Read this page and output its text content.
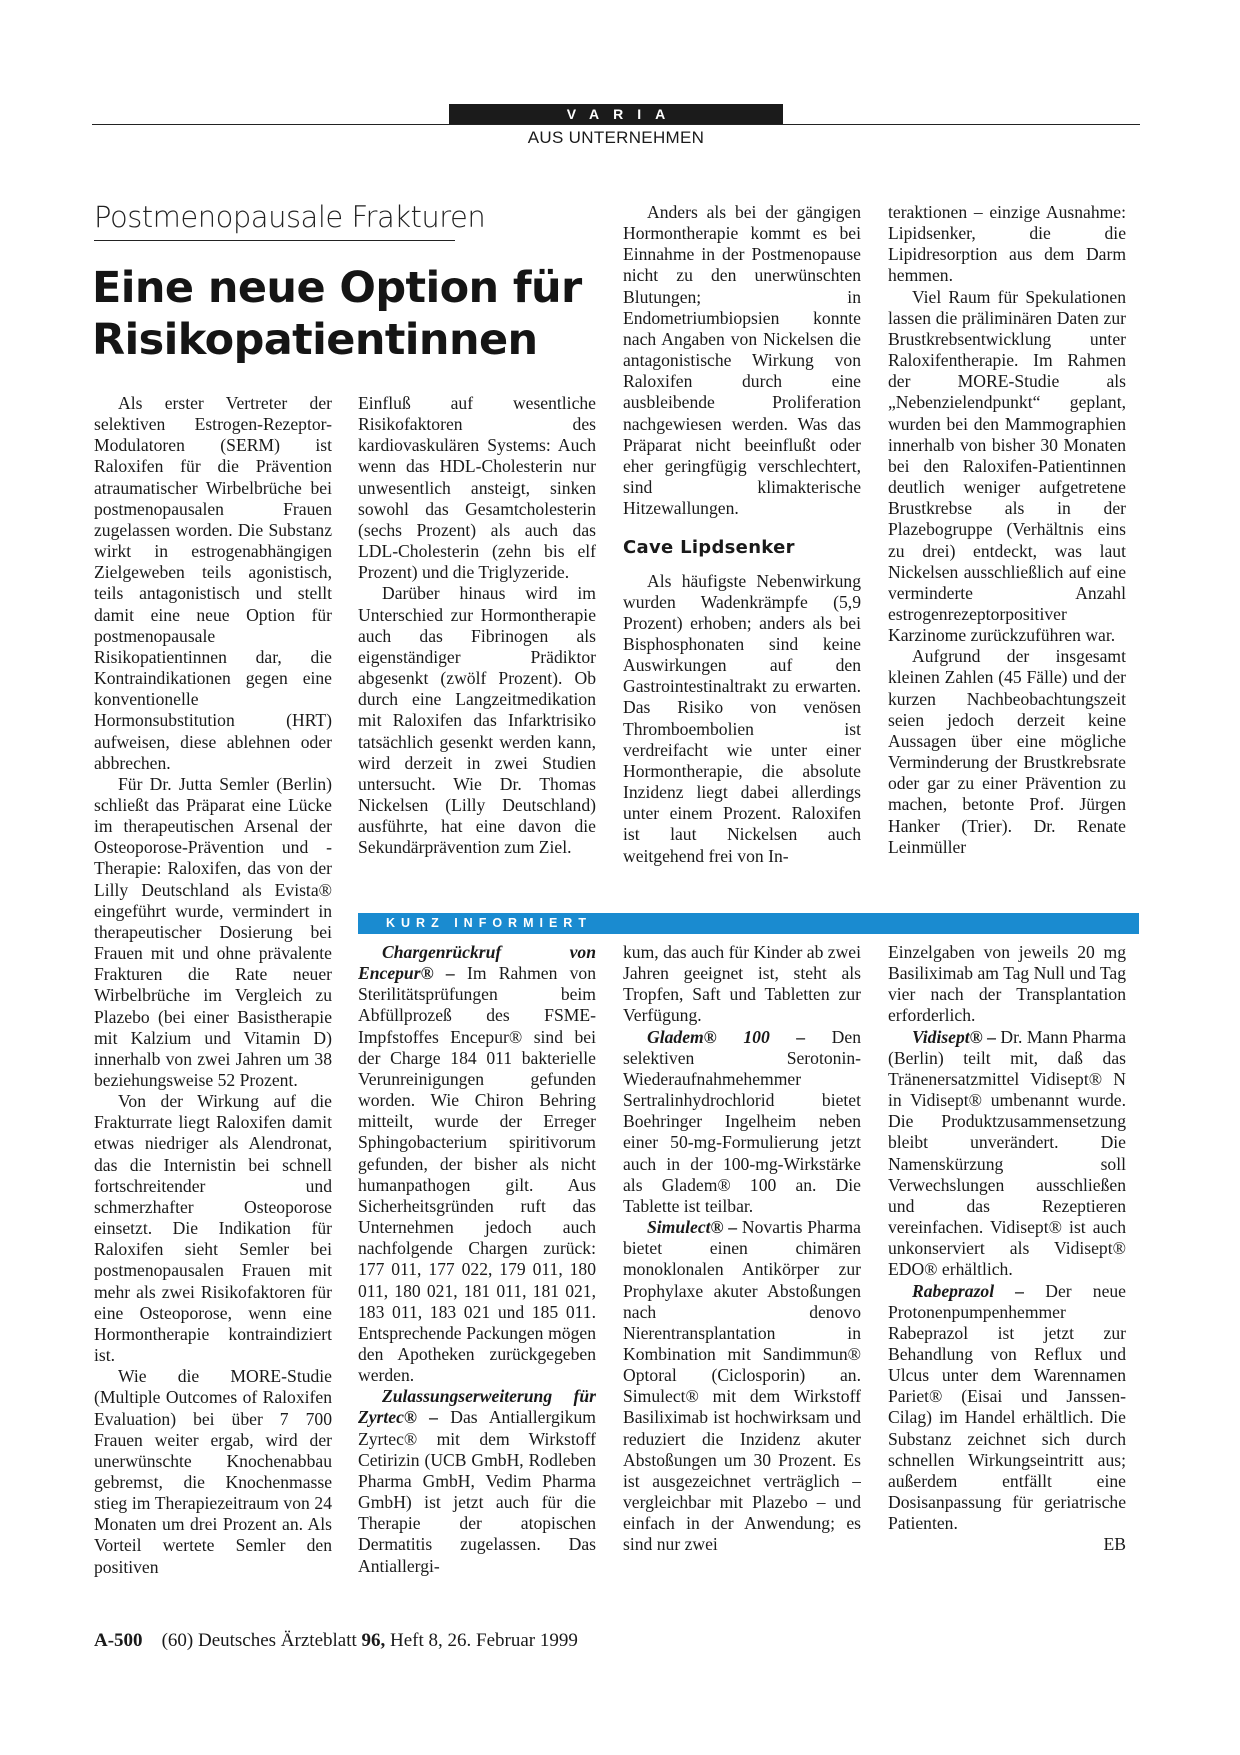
VARIA
AUS UNTERNEHMEN
Postmenopausale Frakturen
Eine neue Option für Risikopatientinnen

Als erster Vertreter der selektiven Estrogen-Rezeptor-Modulatoren (SERM) ist Raloxifen für die Prävention atraumatischer Wirbelbrüche bei postmenopausalen Frauen zugelassen worden. Die Substanz wirkt in estrogenabhängigen Zielgeweben teils agonistisch, teils antagonistisch und stellt damit eine neue Option für postmenopausale Risikopatientinnen dar, die Kontraindikationen gegen eine konventionelle Hormonsubstitution (HRT) aufweisen, diese ablehnen oder abbrechen.

Für Dr. Jutta Semler (Berlin) schließt das Präparat eine Lücke im therapeutischen Arsenal der Osteoporose-Prävention und -Therapie: Raloxifen, das von der Lilly Deutschland als Evista® eingeführt wurde, vermindert in therapeutischer Dosierung bei Frauen mit und ohne prävalente Frakturen die Rate neuer Wirbelbrüche im Vergleich zu Plazebo (bei einer Basistherapie mit Kalzium und Vitamin D) innerhalb von zwei Jahren um 38 beziehungsweise 52 Prozent.

Von der Wirkung auf die Frakturrate liegt Raloxifen damit etwas niedriger als Alendronat, das die Internistin bei schnell fortschreitender und schmerzhafter Osteoporose einsetzt. Die Indikation für Raloxifen sieht Semler bei postmenopausalen Frauen mit mehr als zwei Risikofaktoren für eine Osteoporose, wenn eine Hormontherapie kontraindiziert ist.

Wie die MORE-Studie (Multiple Outcomes of Raloxifen Evaluation) bei über 7 700 Frauen weiter ergab, wird der unerwünschte Knochenabbau gebremst, die Knochenmasse stieg im Therapiezeitraum von 24 Monaten um drei Prozent an. Als Vorteil wertete Semler den positiven

Einfluß auf wesentliche Risikofaktoren des kardiovaskulären Systems: Auch wenn das HDL-Cholesterin nur unwesentlich ansteigt, sinken sowohl das Gesamtcholesterin (sechs Prozent) als auch das LDL-Cholesterin (zehn bis elf Prozent) und die Triglyzeride.

Darüber hinaus wird im Unterschied zur Hormontherapie auch das Fibrinogen als eigenständiger Prädiktor abgesenkt (zwölf Prozent). Ob durch eine Langzeitmedikation mit Raloxifen das Infarktrisiko tatsächlich gesenkt werden kann, wird derzeit in zwei Studien untersucht. Wie Dr. Thomas Nickelsen (Lilly Deutschland) ausführte, hat eine davon die Sekundärprävention zum Ziel.

Anders als bei der gängigen Hormontherapie kommt es bei Einnahme in der Postmenopause nicht zu den unerwünschten Blutungen; in Endometriumbiopsien konnte nach Angaben von Nickelsen die antagonistische Wirkung von Raloxifen durch eine ausbleibende Proliferation nachgewiesen werden. Was das Präparat nicht beeinflußt oder eher geringfügig verschlechtert, sind klimakterische Hitzewallungen.

Cave Lipdsenker

Als häufigste Nebenwirkung wurden Wadenkrämpfe (5,9 Prozent) erhoben; anders als bei Bisphosphonaten sind keine Auswirkungen auf den Gastrointestinaltrakt zu erwarten. Das Risiko von venösen Thromboembolien ist verdreifacht wie unter einer Hormontherapie, die absolute Inzidenz liegt dabei allerdings unter einem Prozent. Raloxifen ist laut Nickelsen auch weitgehend frei von In-

teraktionen – einzige Ausnahme: Lipidsenker, die die Lipidresorption aus dem Darm hemmen.

Viel Raum für Spekulationen lassen die präliminären Daten zur Brustkrebsentwicklung unter Raloxifentherapie. Im Rahmen der MORE-Studie als „Nebenzielendpunkt“ geplant, wurden bei den Mammographien innerhalb von bisher 30 Monaten bei den Raloxifen-Patientinnen deutlich weniger aufgetretene Brustkrebse als in der Plazebogruppe (Verhältnis eins zu drei) entdeckt, was laut Nickelsen ausschließlich auf eine verminderte Anzahl estrogenrezeptorpositiver Karzinome zurückzuführen war.

Aufgrund der insgesamt kleinen Zahlen (45 Fälle) und der kurzen Nachbeobachtungszeit seien jedoch derzeit keine Aussagen über eine mögliche Verminderung der Brustkrebsrate oder gar zu einer Prävention zu machen, betonte Prof. Jürgen Hanker (Trier). Dr. Renate Leinmüller

KURZ INFORMIERT

Chargenrückruf von Encepur® – Im Rahmen von Sterilitätsprüfungen beim Abfüllprozeß des FSME-Impfstoffes Encepur® sind bei der Charge 184 011 bakterielle Verunreinigungen gefunden worden. Wie Chiron Behring mitteilt, wurde der Erreger Sphingobacterium spiritivorum gefunden, der bisher als nicht humanpathogen gilt. Aus Sicherheitsgründen ruft das Unternehmen jedoch auch nachfolgende Chargen zurück: 177 011, 177 022, 179 011, 180 011, 180 021, 181 011, 181 021, 183 011, 183 021 und 185 011. Entsprechende Packungen mögen den Apotheken zurückgegeben werden.

Zulassungserweiterung für Zyrtec® – Das Antiallergikum Zyrtec® mit dem Wirkstoff Cetirizin (UCB GmbH, Rodleben Pharma GmbH, Vedim Pharma GmbH) ist jetzt auch für die Therapie der atopischen Dermatitis zugelassen. Das Antiallergi-

kum, das auch für Kinder ab zwei Jahren geeignet ist, steht als Tropfen, Saft und Tabletten zur Verfügung.

Gladem® 100 – Den selektiven Serotonin-Wiederaufnahmehemmer Sertralinhydrochlorid bietet Boehringer Ingelheim neben einer 50-mg-Formulierung jetzt auch in der 100-mg-Wirkstärke als Gladem® 100 an. Die Tablette ist teilbar.

Simulect® – Novartis Pharma bietet einen chimären monoklonalen Antikörper zur Prophylaxe akuter Abstoßungen nach denovo Nierentransplantation in Kombination mit Sandimmun® Optoral (Ciclosporin) an. Simulect® mit dem Wirkstoff Basiliximab ist hochwirksam und reduziert die Inzidenz akuter Abstoßungen um 30 Prozent. Es ist ausgezeichnet verträglich – vergleichbar mit Plazebo – und einfach in der Anwendung; es sind nur zwei

Einzelgaben von jeweils 20 mg Basiliximab am Tag Null und Tag vier nach der Transplantation erforderlich.

Vidisept® – Dr. Mann Pharma (Berlin) teilt mit, daß das Tränenersatzmittel Vidisept® N in Vidisept® umbenannt wurde. Die Produktzusammensetzung bleibt unverändert. Die Namenskürzung soll Verwechslungen ausschließen und das Rezeptieren vereinfachen. Vidisept® ist auch unkonserviert als Vidisept® EDO® erhältlich.

Rabeprazol – Der neue Protonenpumpenhemmer Rabeprazol ist jetzt zur Behandlung von Reflux und Ulcus unter dem Warennamen Pariet® (Eisai und Janssen-Cilag) im Handel erhältlich. Die Substanz zeichnet sich durch schnellen Wirkungseintritt aus; außerdem entfällt eine Dosisanpassung für geriatrische Patienten.

EB
A-500 (60) Deutsches Ärzteblatt 96, Heft 8, 26. Februar 1999
